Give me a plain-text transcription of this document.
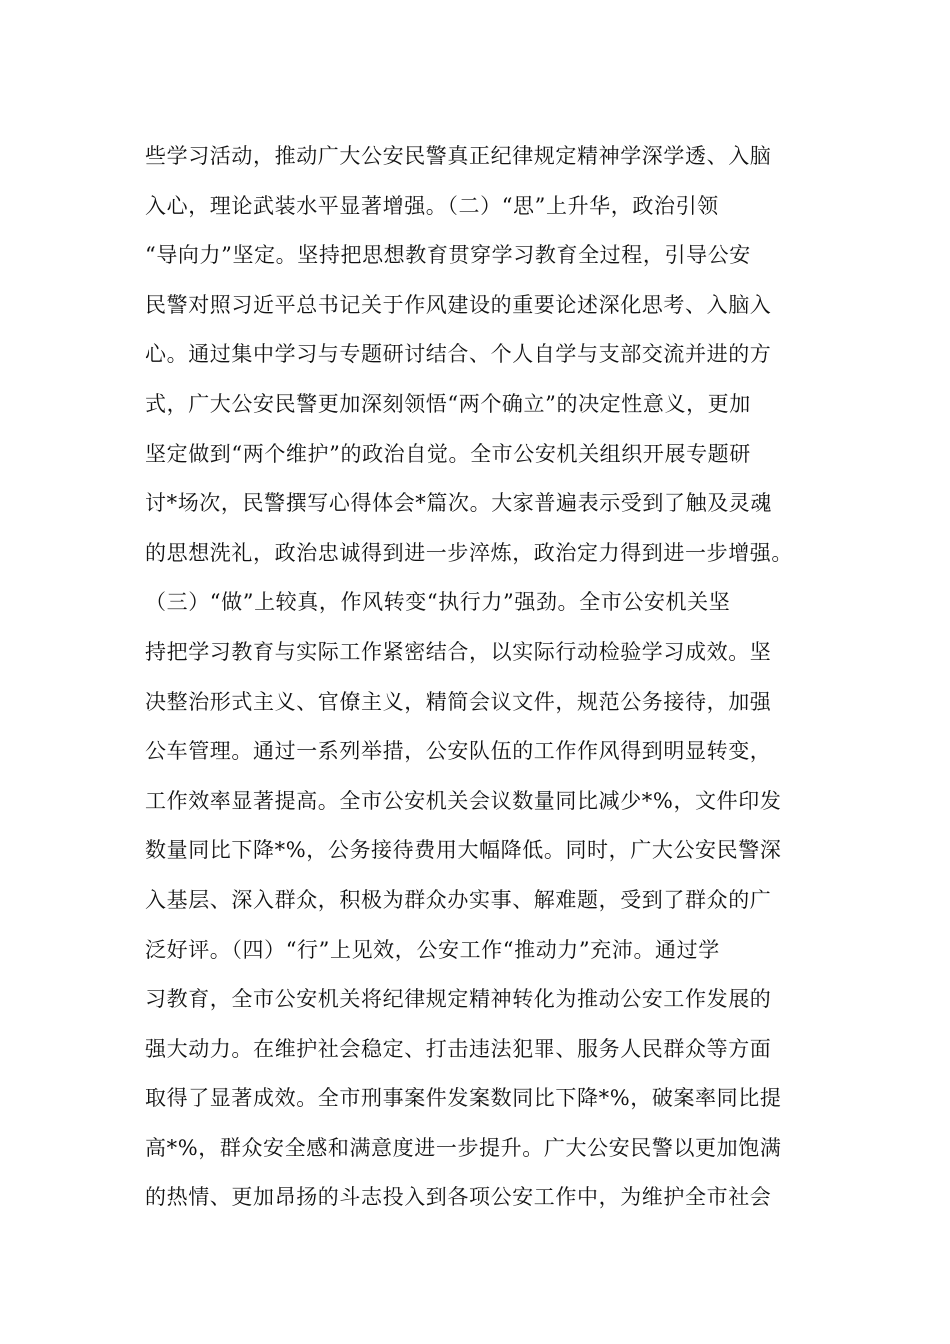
些学习活动，推动广大公安民警真正纪律规定精神学深学透、入脑
入心，理论武装水平显著增强。（二）“思”上升华，政治引领
“导向力”坚定。坚持把思想教育贯穿学习教育全过程，引导公安
民警对照习近平总书记关于作风建设的重要论述深化思考、入脑入
心。通过集中学习与专题研讨结合、个人自学与支部交流并进的方
式，广大公安民警更加深刻领悟“两个确立”的决定性意义，更加
坚定做到“两个维护”的政治自觉。全市公安机关组织开展专题研
讨*场次，民警撰写心得体会*篇次。大家普遍表示受到了触及灵魂
的思想洗礼，政治忠诚得到进一步淬炼，政治定力得到进一步增强。
（三）“做”上较真，作风转变“执行力”强劲。全市公安机关坚
持把学习教育与实际工作紧密结合，以实际行动检验学习成效。坚
决整治形式主义、官僚主义，精简会议文件，规范公务接待，加强
公车管理。通过一系列举措，公安队伍的工作作风得到明显转变，
工作效率显著提高。全市公安机关会议数量同比减少*%，文件印发
数量同比下降*%，公务接待费用大幅降低。同时，广大公安民警深
入基层、深入群众，积极为群众办实事、解难题，受到了群众的广
泛好评。（四）“行”上见效，公安工作“推动力”充沛。通过学
习教育，全市公安机关将纪律规定精神转化为推动公安工作发展的
强大动力。在维护社会稳定、打击违法犯罪、服务人民群众等方面
取得了显著成效。全市刑事案件发案数同比下降*%，破案率同比提
高*%，群众安全感和满意度进一步提升。广大公安民警以更加饱满
的热情、更加昂扬的斗志投入到各项公安工作中，为维护全市社会
